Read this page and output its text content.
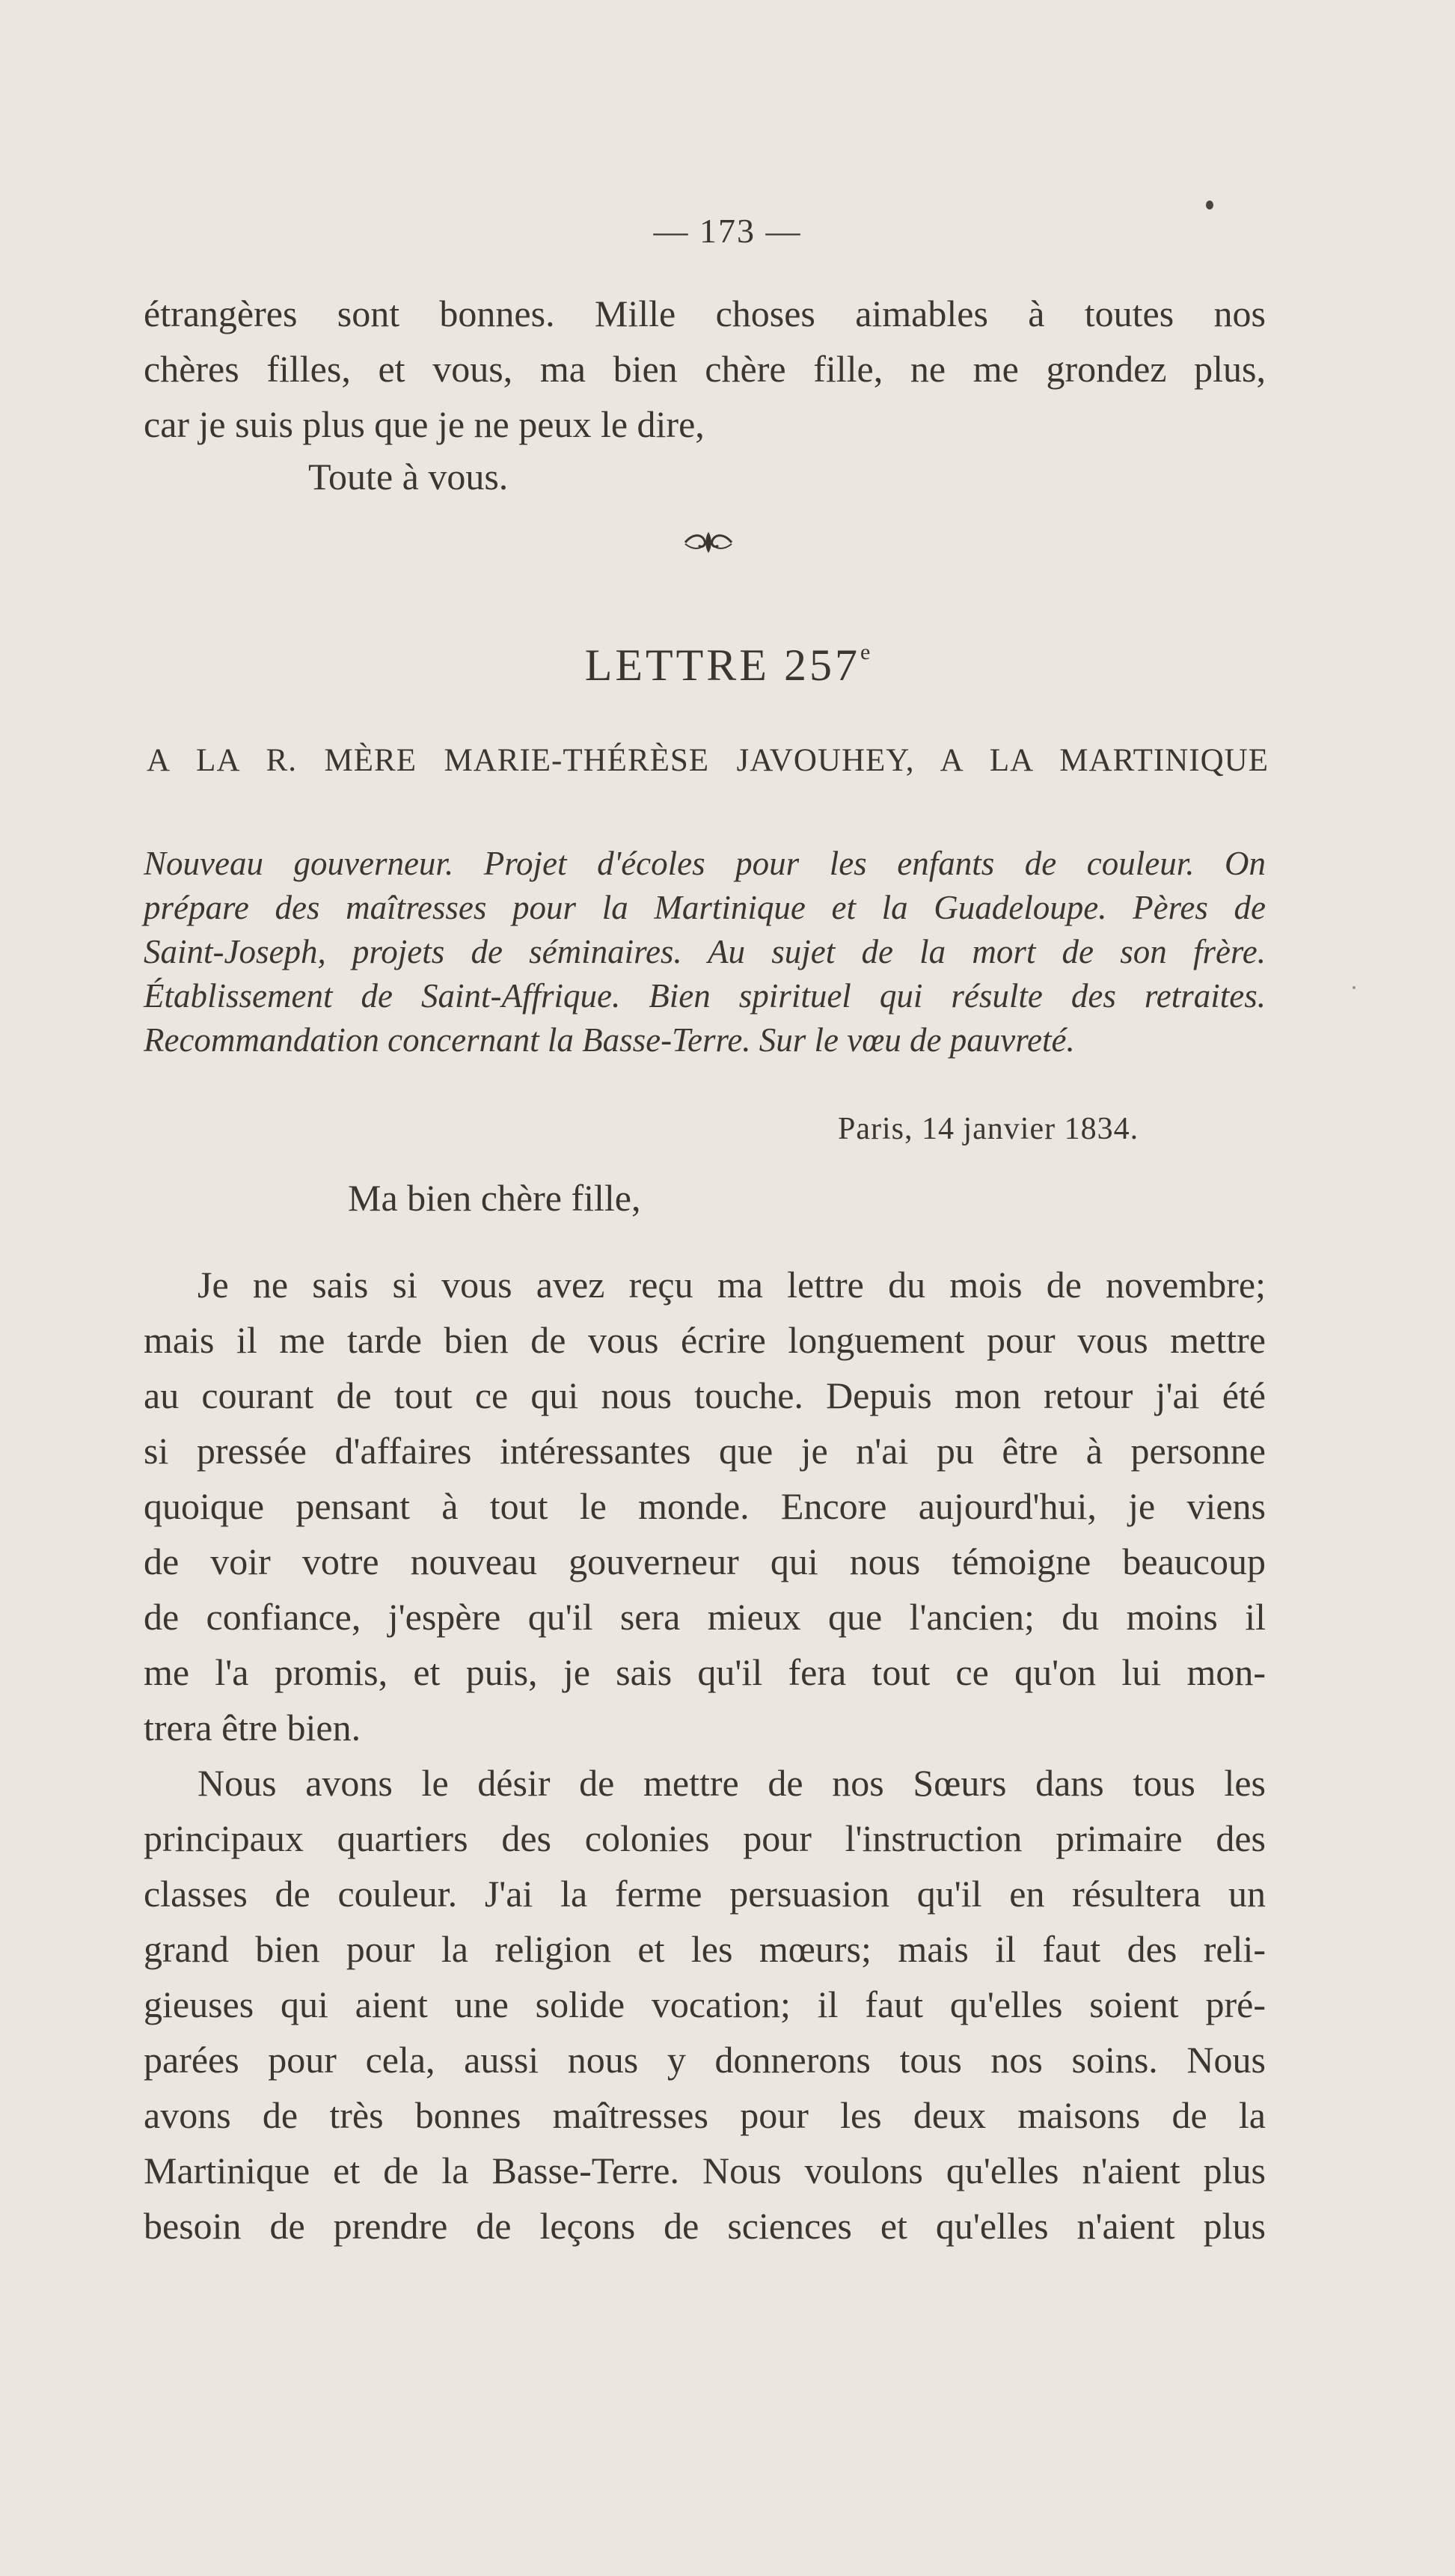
— 173 —
étrangères sont bonnes. Mille choses aimables à toutes nos
chères filles, et vous, ma bien chère fille, ne me grondez plus,
car je suis plus que je ne peux le dire,
Toute à vous.
LETTRE 257e
A LA R. MÈRE MARIE-THÉRÈSE JAVOUHEY, A LA MARTINIQUE
Nouveau gouverneur. Projet d'écoles pour les enfants de couleur. On
prépare des maîtresses pour la Martinique et la Guadeloupe. Pères de
Saint-Joseph, projets de séminaires. Au sujet de la mort de son frère.
Établissement de Saint-Affrique. Bien spirituel qui résulte des retraites.
Recommandation concernant la Basse-Terre. Sur le vœu de pauvreté.
Paris, 14 janvier 1834.
Ma bien chère fille,
Je ne sais si vous avez reçu ma lettre du mois de novembre;
mais il me tarde bien de vous écrire longuement pour vous mettre
au courant de tout ce qui nous touche. Depuis mon retour j'ai été
si pressée d'affaires intéressantes que je n'ai pu être à personne
quoique pensant à tout le monde. Encore aujourd'hui, je viens
de voir votre nouveau gouverneur qui nous témoigne beaucoup
de confiance, j'espère qu'il sera mieux que l'ancien; du moins il
me l'a promis, et puis, je sais qu'il fera tout ce qu'on lui mon-
trera être bien.
Nous avons le désir de mettre de nos Sœurs dans tous les
principaux quartiers des colonies pour l'instruction primaire des
classes de couleur. J'ai la ferme persuasion qu'il en résultera un
grand bien pour la religion et les mœurs; mais il faut des reli-
gieuses qui aient une solide vocation; il faut qu'elles soient pré-
parées pour cela, aussi nous y donnerons tous nos soins. Nous
avons de très bonnes maîtresses pour les deux maisons de la
Martinique et de la Basse-Terre. Nous voulons qu'elles n'aient plus
besoin de prendre de leçons de sciences et qu'elles n'aient plus
